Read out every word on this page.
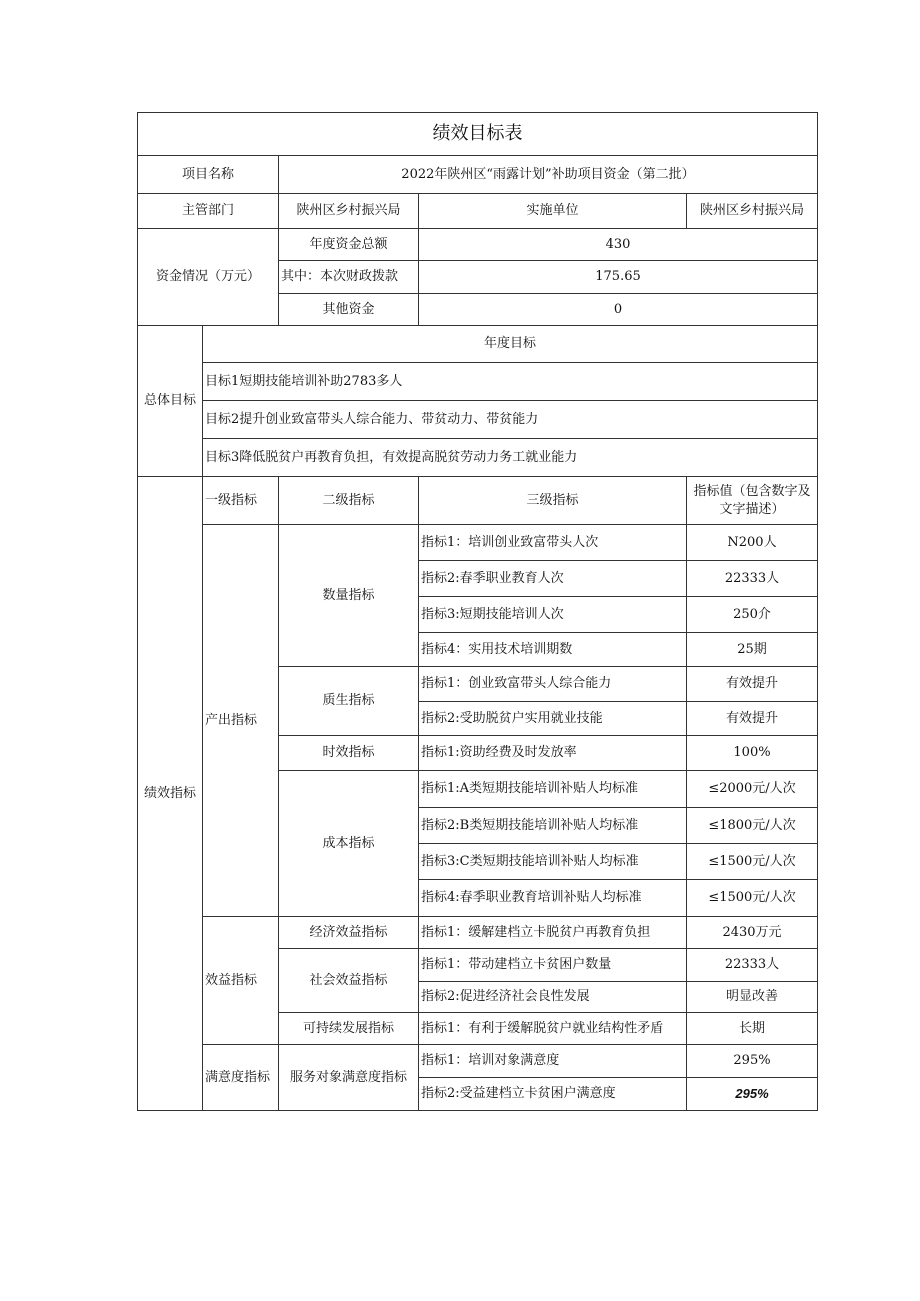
绩效目标表				
项目名称		2022年陕州区“雨露计划”补助项目资金（第二批）		
主管部门		陕州区乡村振兴局	实施单位	陕州区乡村振兴局
资金情况（万元）		年度资金总额	430	
		其中：本次财政拨款	175.65	
		其他资金	0	
总体目标	年度目标			
	目标1短期技能培训补助2783多人			
	目标2提升创业致富带头人综合能力、带贫动力、带贫能力			
	目标3降低脱贫户再教育负担，有效提高脱贫劳动力务工就业能力			
绩效指标	一级指标	二级指标	三级指标	指标值（包含数字及文字描述）
	产出指标	数量指标	指标1：培训创业致富带头人次	N200人
			指标2:春季职业教育人次	22333人
			指标3:短期技能培训人次	250介
			指标4：实用技术培训期数	25期
		质生指标	指标1：创业致富带头人综合能力	有效提升
			指标2:受助脱贫户实用就业技能	有效提升
		时效指标	指标1:资助经费及时发放率	100%
		成本指标	指标1:A类短期技能培训补贴人均标准	≤2000元/人次
			指标2:B类短期技能培训补贴人均标准	≤1800元/人次
			指标3:C类短期技能培训补贴人均标准	≤1500元/人次
			指标4:春季职业教育培训补贴人均标准	≤1500元/人次
	效益指标	经济效益指标	指标1：缓解建档立卡脱贫户再教育负担	2430万元
		社会效益指标	指标1：带动建档立卡贫困户数量	22333人
			指标2:促进经济社会良性发展	明显改善
		可持续发展指标	指标1：有利于缓解脱贫户就业结构性矛盾	长期
	满意度指标	服务对象满意度指标	指标1：培训对象满意度	295%
			指标2:受益建档立卡贫困户满意度	295%
